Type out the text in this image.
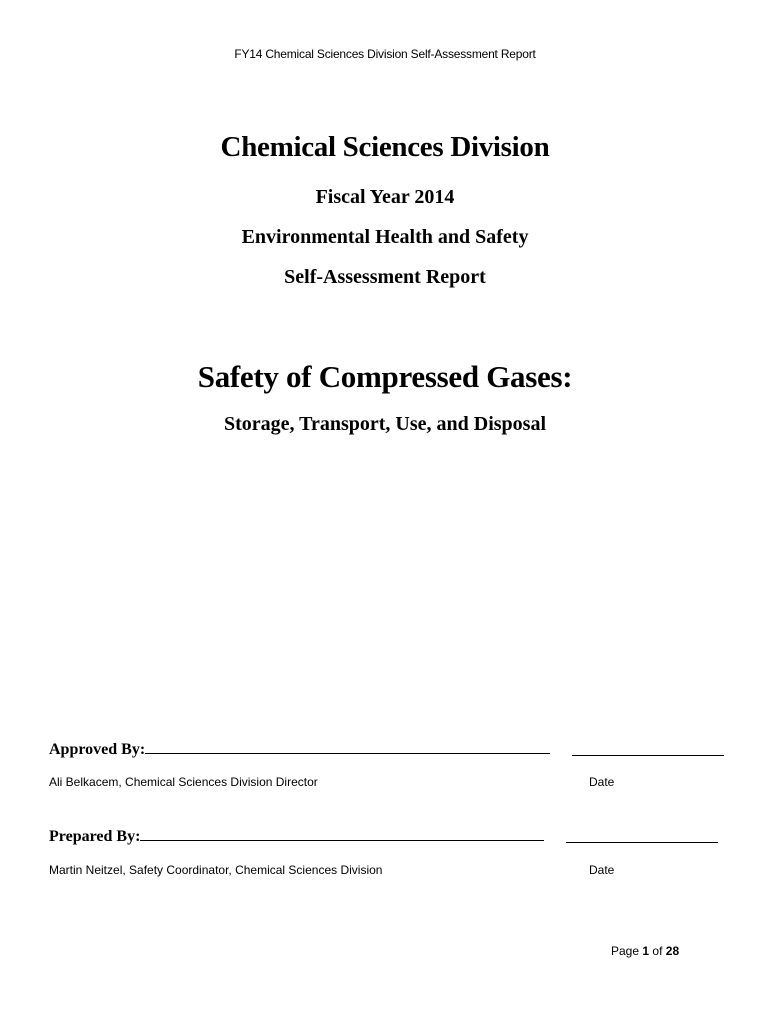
FY14 Chemical Sciences Division Self-Assessment Report
Chemical Sciences Division
Fiscal Year 2014
Environmental Health and Safety
Self-Assessment Report
Safety of Compressed Gases:
Storage, Transport, Use, and Disposal
Approved By:
Ali Belkacem, Chemical Sciences Division Director	Date
Prepared By:
Martin Neitzel, Safety Coordinator, Chemical Sciences Division	Date
Page 1 of 28
